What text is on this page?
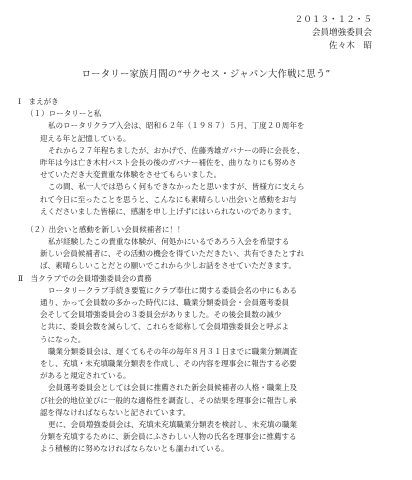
２０１３・１２・５
会員増強委員会
佐々木　昭
ロータリー家族月間の“サクセス・ジャパン大作戦に思う”
Ⅰ　まえがき
（１）ロータリーと私
私のロータリクラブ入会は、昭和６２年（１９８７）５月、丁度２０周年を
迎える年と記憶している。
それから２７年程ちましたが、おかげで、佐藤秀雄ガバナーの時に会長を、
昨年は今は亡き木村パスト会長の後のガバナー補佐を、曲りなりにも努めさ
せていただき大変貴重な体験をさせてもらいました。
この間、私一人では恐らく何もできなかったと思いますが、皆様方に支えら
れて今日に至ったことを思うと、こんなにも素晴らしい出会いと感動をお与
えくださいました皆様に、感謝を申し上げずにはいられないのであります。
（２）出会いと感動を新しい会員候補者に！！
私が経験したこの貴重な体験が、何処かにいるであろう入会を希望する
新しい会員候補者に、その活動の機会を得ていただきたい、共有できたとすれ
ば、素晴らしいことだとの願いでこれから少しお話をさせていただきます。
Ⅱ　当クラブでの会員増強委員会の責務
ロータリークラブ手続き要覧にクラブ奉仕に関する委員会名の中にもある
通り、かって会員数の多かった時代には、職業分類委員会・会員選考委員
会そして会員増強委員会の３委員会がありました。その後会員数の減少
と共に、委員会数を減らして、これらを総称して会員増強委員会と呼ぶよ
うになった。
職業分類委員会は、遅くてもその年の毎年８月３１日までに職業分類調査
をし、充填・未充填職業分類表を作成し、その内容を理事会に報告する必要
があると規定されている。
会員選考委員会としては会員に推薦された新会員候補者の人格・職業上及
び社会的地位並びに一般的な適格性を調査し、その結果を理事会に報告し承
認を得なければならないと記されています。
更に、会員増強委員会は、充填未充填職業分類表を検討し、未充填の職業
分類を充填するために、新会員にふさわしい人物の氏名を理事会に推薦する
よう積極的に努めなければならないとも謳われている。
